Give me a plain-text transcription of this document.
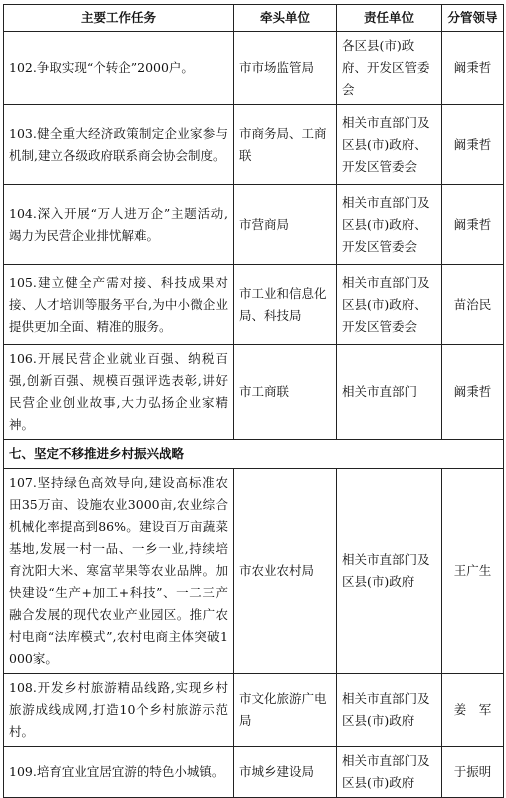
主要工作任务	牵头单位	责任单位	分管领导
102.争取实现“个转企”2000户。	市市场监管局	各区县(市)政府、开发区管委会	阚秉哲
103.健全重大经济政策制定企业家参与机制,建立各级政府联系商会协会制度。	市商务局、工商联	相关市直部门及区县(市)政府、开发区管委会	阚秉哲
104.深入开展“万人进万企”主题活动,竭力为民营企业排忧解难。	市营商局	相关市直部门及区县(市)政府、开发区管委会	阚秉哲
105.建立健全产需对接、科技成果对接、人才培训等服务平台,为中小微企业提供更加全面、精准的服务。	市工业和信息化局、科技局	相关市直部门及区县(市)政府、开发区管委会	苗治民
106.开展民营企业就业百强、纳税百强,创新百强、规模百强评选表彰,讲好民营企业创业故事,大力弘扬企业家精神。	市工商联	相关市直部门	阚秉哲
七、坚定不移推进乡村振兴战略			
107.坚持绿色高效导向,建设高标准农田35万亩、设施农业3000亩,农业综合机械化率提高到86%。建设百万亩蔬菜基地,发展一村一品、一乡一业,持续培育沈阳大米、寒富苹果等农业品牌。加快建设“生产+加工+科技”、一二三产融合发展的现代农业产业园区。推广农村电商“法库模式”,农村电商主体突破1000家。	市农业农村局	相关市直部门及区县(市)政府	王广生
108.开发乡村旅游精品线路,实现乡村旅游成线成网,打造10个乡村旅游示范村。	市文化旅游广电局	相关市直部门及区县(市)政府	姜　军
109.培育宜业宜居宜游的特色小城镇。	市城乡建设局	相关市直部门及区县(市)政府	于振明
